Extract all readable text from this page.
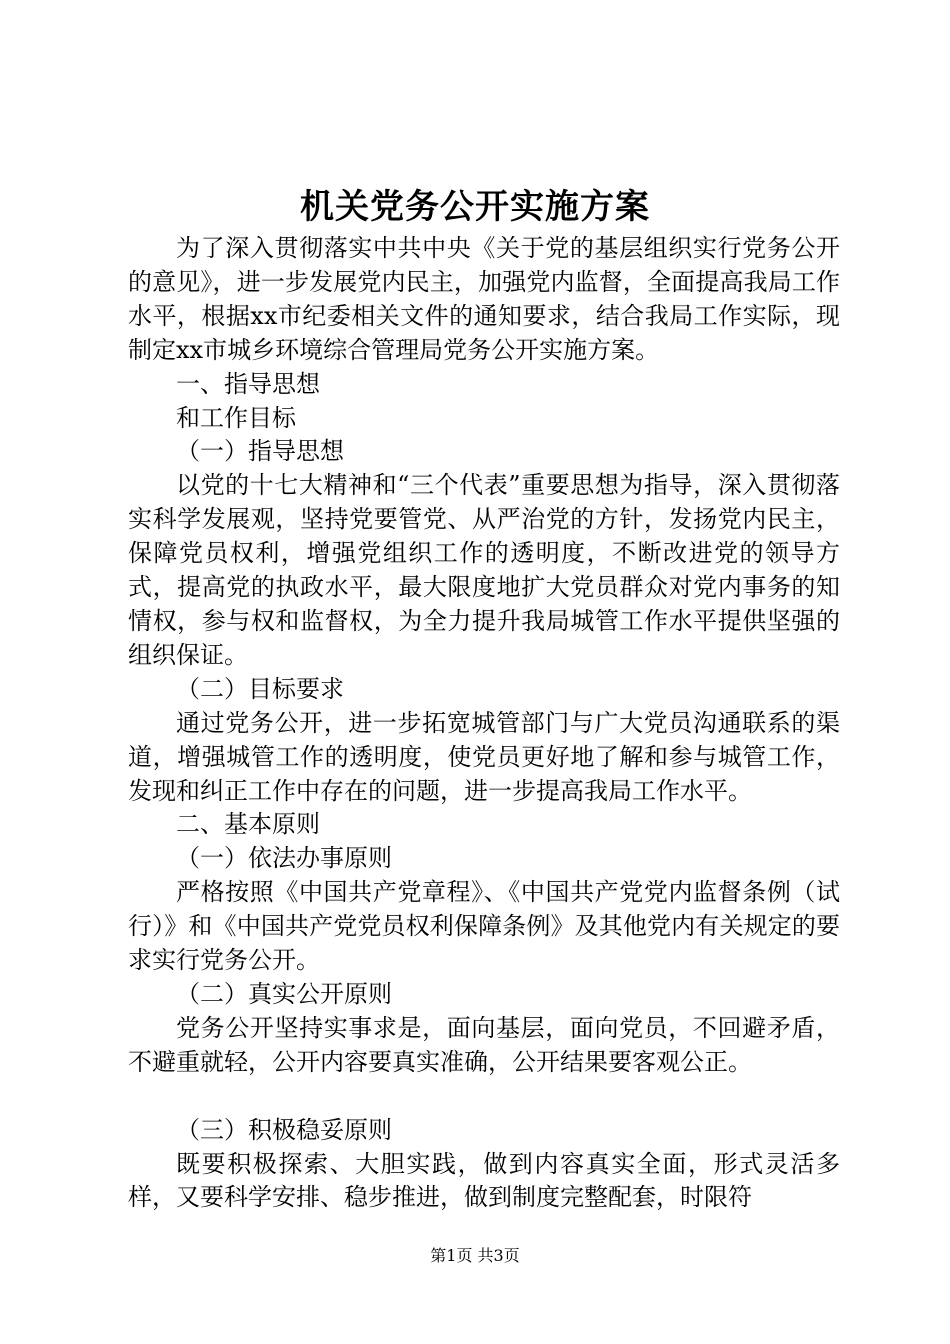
机关党务公开实施方案

为了深入贯彻落实中共中央《关于党的基层组织实行党务公开的意见》，进一步发展党内民主，加强党内监督，全面提高我局工作水平，根据xx市纪委相关文件的通知要求，结合我局工作实际，现制定xx市城乡环境综合管理局党务公开实施方案。

一、指导思想

和工作目标

（一）指导思想

以党的十七大精神和“三个代表”重要思想为指导，深入贯彻落实科学发展观，坚持党要管党、从严治党的方针，发扬党内民主，保障党员权利，增强党组织工作的透明度，不断改进党的领导方式，提高党的执政水平，最大限度地扩大党员群众对党内事务的知情权，参与权和监督权，为全力提升我局城管工作水平提供坚强的组织保证。

（二）目标要求

通过党务公开，进一步拓宽城管部门与广大党员沟通联系的渠道，增强城管工作的透明度，使党员更好地了解和参与城管工作，发现和纠正工作中存在的问题，进一步提高我局工作水平。

二、基本原则

（一）依法办事原则

严格按照《中国共产党章程》、《中国共产党党内监督条例（试行）》和《中国共产党党员权利保障条例》及其他党内有关规定的要求实行党务公开。

（二）真实公开原则

党务公开坚持实事求是，面向基层，面向党员，不回避矛盾，不避重就轻，公开内容要真实准确，公开结果要客观公正。

（三）积极稳妥原则

既要积极探索、大胆实践，做到内容真实全面，形式灵活多样，又要科学安排、稳步推进，做到制度完整配套，时限符

第1页 共3页
